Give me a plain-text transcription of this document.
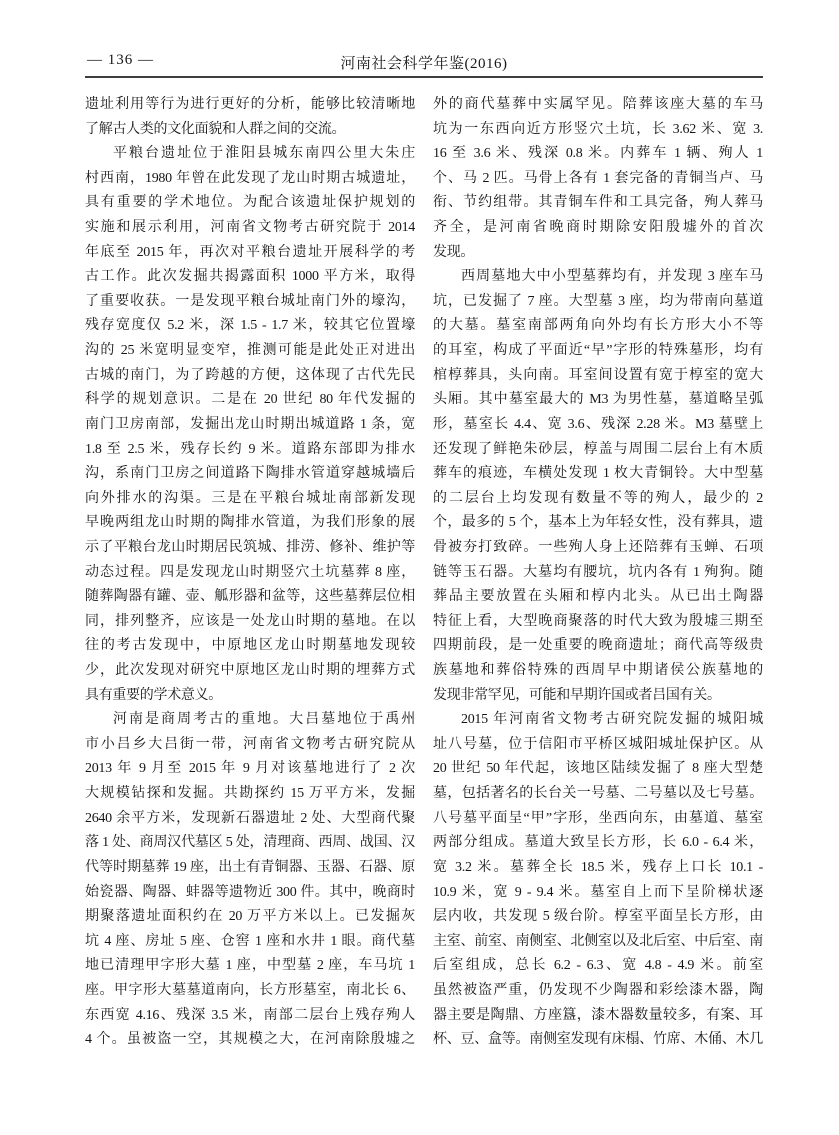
— 136 —	河南社会科学年鉴(2016)
遗址利用等行为进行更好的分析，能够比较清晰地
了解古人类的文化面貌和人群之间的交流。
平粮台遗址位于淮阳县城东南四公里大朱庄
村西南，1980 年曾在此发现了龙山时期古城遗址，
具有重要的学术地位。为配合该遗址保护规划的
实施和展示利用，河南省文物考古研究院于 2014
年底至 2015 年，再次对平粮台遗址开展科学的考
古工作。此次发掘共揭露面积 1000 平方米，取得
了重要收获。一是发现平粮台城址南门外的壕沟，
残存宽度仅 5.2 米，深 1.5 - 1.7 米，较其它位置壕
沟的 25 米宽明显变窄，推测可能是此处正对进出
古城的南门，为了跨越的方便，这体现了古代先民
科学的规划意识。二是在 20 世纪 80 年代发掘的
南门卫房南部，发掘出龙山时期出城道路 1 条，宽
1.8 至 2.5 米，残存长约 9 米。道路东部即为排水
沟，系南门卫房之间道路下陶排水管道穿越城墙后
向外排水的沟渠。三是在平粮台城址南部新发现
早晚两组龙山时期的陶排水管道，为我们形象的展
示了平粮台龙山时期居民筑城、排涝、修补、维护等
动态过程。四是发现龙山时期竖穴土坑墓葬 8 座，
随葬陶器有罐、壶、觚形器和盆等，这些墓葬层位相
同，排列整齐，应该是一处龙山时期的墓地。在以
往的考古发现中，中原地区龙山时期墓地发现较
少，此次发现对研究中原地区龙山时期的埋葬方式
具有重要的学术意义。
河南是商周考古的重地。大吕墓地位于禹州
市小吕乡大吕街一带，河南省文物考古研究院从
2013 年 9 月至 2015 年 9 月对该墓地进行了 2 次
大规模钻探和发掘。共勘探约 15 万平方米，发掘
2640 余平方米，发现新石器遗址 2 处、大型商代聚
落 1 处、商周汉代墓区 5 处，清理商、西周、战国、汉
代等时期墓葬 19 座，出土有青铜器、玉器、石器、原
始瓷器、陶器、蚌器等遗物近 300 件。其中，晚商时
期聚落遗址面积约在 20 万平方米以上。已发掘灰
坑 4 座、房址 5 座、仓窖 1 座和水井 1 眼。商代墓
地已清理甲字形大墓 1 座，中型墓 2 座，车马坑 1
座。甲字形大墓墓道南向，长方形墓室，南北长 6、
东西宽 4.16、残深 3.5 米，南部二层台上残存殉人
4 个。虽被盗一空，其规模之大，在河南除殷墟之
外的商代墓葬中实属罕见。陪葬该座大墓的车马
坑为一东西向近方形竖穴土坑，长 3.62 米、宽 3.
16 至 3.6 米、残深 0.8 米。内葬车 1 辆、殉人 1
个、马 2 匹。马骨上各有 1 套完备的青铜当卢、马
衔、节约组带。其青铜车件和工具完备，殉人葬马
齐全，是河南省晚商时期除安阳殷墟外的首次
发现。
西周墓地大中小型墓葬均有，并发现 3 座车马
坑，已发掘了 7 座。大型墓 3 座，均为带南向墓道
的大墓。墓室南部两角向外均有长方形大小不等
的耳室，构成了平面近“早”字形的特殊墓形，均有
棺椁葬具，头向南。耳室间设置有宽于椁室的宽大
头厢。其中墓室最大的 M3 为男性墓，墓道略呈弧
形，墓室长 4.4、宽 3.6、残深 2.28 米。M3 墓壁上
还发现了鲜艳朱砂层，椁盖与周围二层台上有木质
葬车的痕迹，车横处发现 1 枚大青铜铃。大中型墓
的二层台上均发现有数量不等的殉人，最少的 2
个，最多的 5 个，基本上为年轻女性，没有葬具，遗
骨被夯打致碎。一些殉人身上还陪葬有玉蝉、石项
链等玉石器。大墓均有腰坑，坑内各有 1 殉狗。随
葬品主要放置在头厢和椁内北头。从已出土陶器
特征上看，大型晚商聚落的时代大致为殷墟三期至
四期前段，是一处重要的晚商遗址；商代高等级贵
族墓地和葬俗特殊的西周早中期诸侯公族墓地的
发现非常罕见，可能和早期许国或者吕国有关。
2015 年河南省文物考古研究院发掘的城阳城
址八号墓，位于信阳市平桥区城阳城址保护区。从
20 世纪 50 年代起，该地区陆续发掘了 8 座大型楚
墓，包括著名的长台关一号墓、二号墓以及七号墓。
八号墓平面呈“甲”字形，坐西向东，由墓道、墓室
两部分组成。墓道大致呈长方形，长 6.0 - 6.4 米，
宽 3.2 米。墓葬全长 18.5 米，残存上口长 10.1 -
10.9 米，宽 9 - 9.4 米。墓室自上而下呈阶梯状逐
层内收，共发现 5 级台阶。椁室平面呈长方形，由
主室、前室、南侧室、北侧室以及北后室、中后室、南
后室组成，总长 6.2 - 6.3、宽 4.8 - 4.9 米。前室
虽然被盗严重，仍发现不少陶器和彩绘漆木器，陶
器主要是陶鼎、方座簋，漆木器数量较多，有案、耳
杯、豆、盒等。南侧室发现有床榻、竹席、木俑、木几
